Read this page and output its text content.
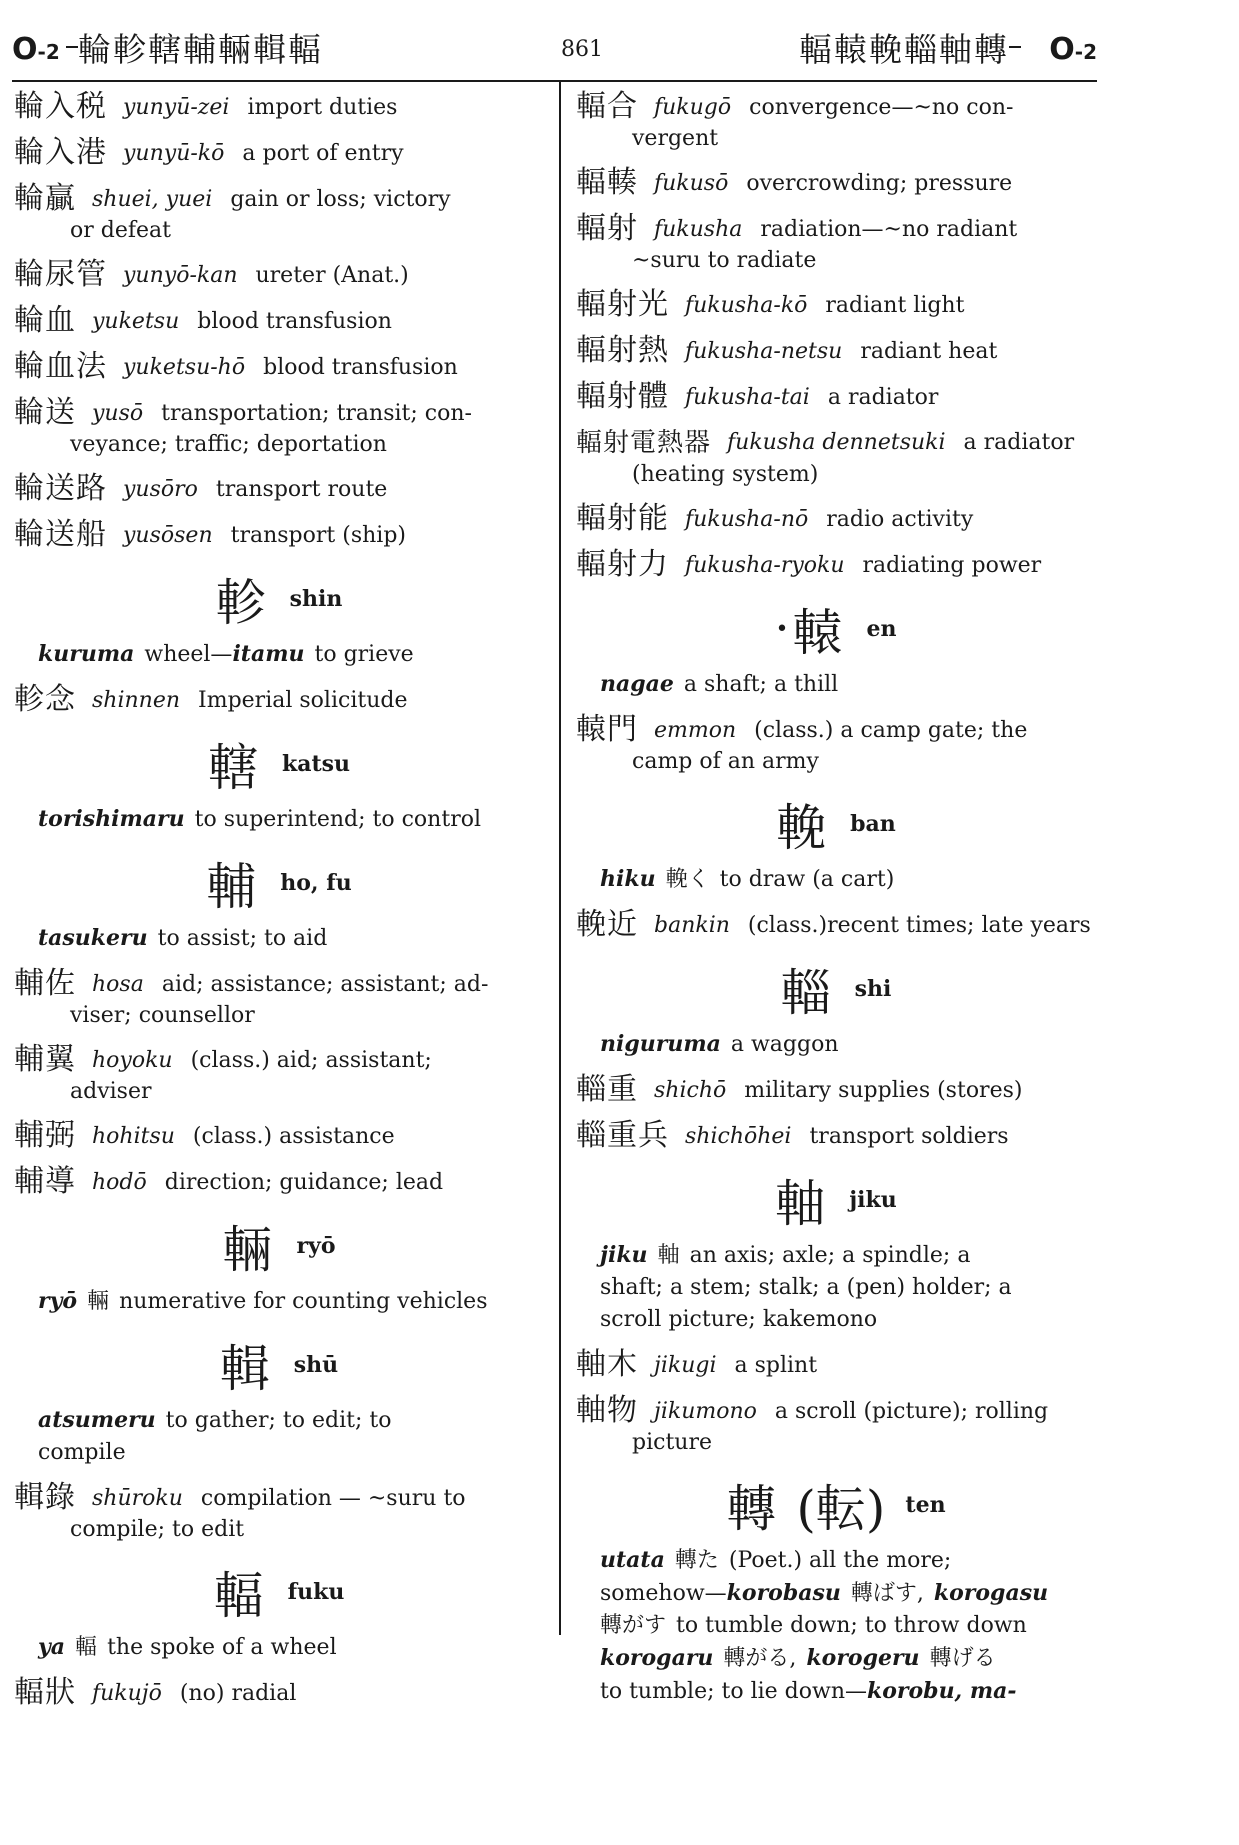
O-2 輪軫轄輔輛輯輻	861	輻轅輓輜軸轉 O-2
輪入税 yunyū-zei import duties
輪入港 yunyū-kō a port of entry
輪贏 shuei, yuei gain or loss; victory
or defeat
輪尿管 yunyō-kan ureter (Anat.)
輪血 yuketsu blood transfusion
輪血法 yuketsu-hō blood transfusion
輪送 yusō transportation; transit; con-
veyance; traffic; deportation
輪送路 yusōro transport route
輪送船 yusōsen transport (ship)
軫 shin
kuruma wheel—itamu to grieve
軫念 shinnen Imperial solicitude
轄 katsu
torishimaru to superintend; to control
輔 ho, fu
tasukeru to assist; to aid
輔佐 hosa aid; assistance; assistant; ad-
viser; counsellor
輔翼 hoyoku (class.) aid; assistant;
adviser
輔弼 hohitsu (class.) assistance
輔導 hodō direction; guidance; lead
輛 ryō
ryō 輛 numerative for counting vehicles
輯 shū
atsumeru to gather; to edit; to
compile
輯錄 shūroku compilation — ~suru to
compile; to edit
輻 fuku
ya 輻 the spoke of a wheel
輻狀 fukujō (no) radial
輻合 fukugō convergence—~no con-
vergent
輻輳 fukusō overcrowding; pressure
輻射 fukusha radiation—~no radiant
~suru to radiate
輻射光 fukusha-kō radiant light
輻射熱 fukusha-netsu radiant heat
輻射體 fukusha-tai a radiator
輻射電熱器 fukusha dennetsuki a radiator
(heating system)
輻射能 fukusha-nō radio activity
輻射力 fukusha-ryoku radiating power
• 轅 en
nagae a shaft; a thill
轅門 emmon (class.) a camp gate; the
camp of an army
輓 ban
hiku 輓く to draw (a cart)
輓近 bankin (class.)recent times; late years
輜 shi
niguruma a waggon
輜重 shichō military supplies (stores)
輜重兵 shichōhei transport soldiers
軸 jiku
jiku 軸 an axis; axle; a spindle; a
shaft; a stem; stalk; a (pen) holder; a
scroll picture; kakemono
軸木 jikugi a splint
軸物 jikumono a scroll (picture); rolling
picture
轉 (転) ten
utata 轉た (Poet.) all the more;
somehow—korobasu 轉ばす, korogasu
轉がす to tumble down; to throw down
korogaru 轉がる, korogeru 轉げる
to tumble; to lie down—korobu, ma-
